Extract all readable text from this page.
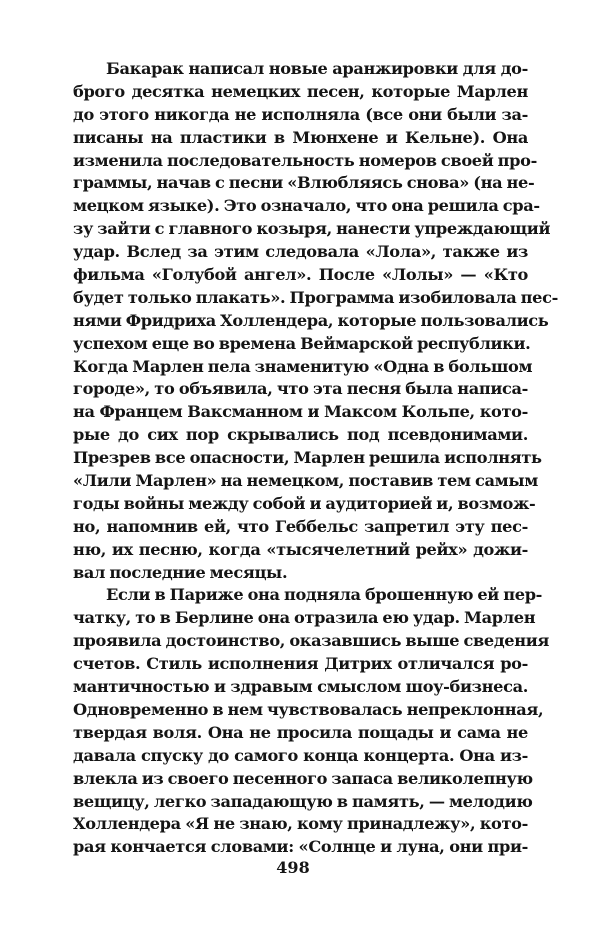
Бакарак написал новые аранжировки для до-
брого десятка немецких песен, которые Марлен
до этого никогда не исполняла (все они были за-
писаны на пластики в Мюнхене и Кельне). Она
изменила последовательность номеров своей про-
граммы, начав с песни «Влюбляясь снова» (на не-
мецком языке). Это означало, что она решила сра-
зу зайти с главного козыря, нанести упреждающий
удар. Вслед за этим следовала «Лола», также из
фильма «Голубой ангел». После «Лолы» — «Кто
будет только плакать». Программа изобиловала пес-
нями Фридриха Холлендера, которые пользовались
успехом еще во времена Веймарской республики.
Когда Марлен пела знаменитую «Одна в большом
городе», то объявила, что эта песня была написа-
на Францем Ваксманном и Максом Кольпе, кото-
рые до сих пор скрывались под псевдонимами.
Презрев все опасности, Марлен решила исполнять
«Лили Марлен» на немецком, поставив тем самым
годы войны между собой и аудиторией и, возмож-
но, напомнив ей, что Геббельс запретил эту пес-
ню, их песню, когда «тысячелетний рейх» дожи-
вал последние месяцы.
Если в Париже она подняла брошенную ей пер-
чатку, то в Берлине она отразила ею удар. Марлен
проявила достоинство, оказавшись выше сведения
счетов. Стиль исполнения Дитрих отличался ро-
мантичностью и здравым смыслом шоу-бизнеса.
Одновременно в нем чувствовалась непреклонная,
твердая воля. Она не просила пощады и сама не
давала спуску до самого конца концерта. Она из-
влекла из своего песенного запаса великолепную
вещицу, легко западающую в память, — мелодию
Холлендера «Я не знаю, кому принадлежу», кото-
рая кончается словами: «Солнце и луна, они при-
498
